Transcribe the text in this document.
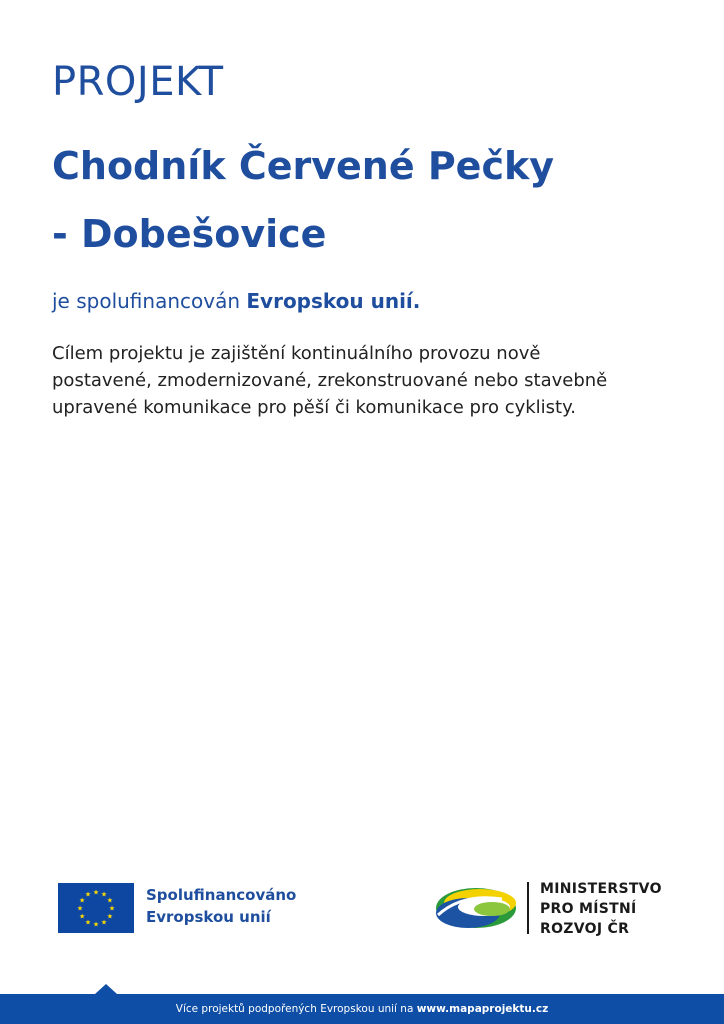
PROJEKT
Chodník Červené Pečky
- Dobešovice
je spolufinancován Evropskou unií.
Cílem projektu je zajištění kontinuálního provozu nově
postavené, zmodernizované, zrekonstruované nebo stavebně
upravené komunikace pro pěší či komunikace pro cyklisty.
★ ★
★
★
★
★
★
★
★
★
★
★	Spolufinancováno
Evropskou unií
MINISTERSTVO
PRO MÍSTNÍ
ROZVOJ ČR
Více projektů podpořených Evropskou unií na www.mapaprojektu.cz
